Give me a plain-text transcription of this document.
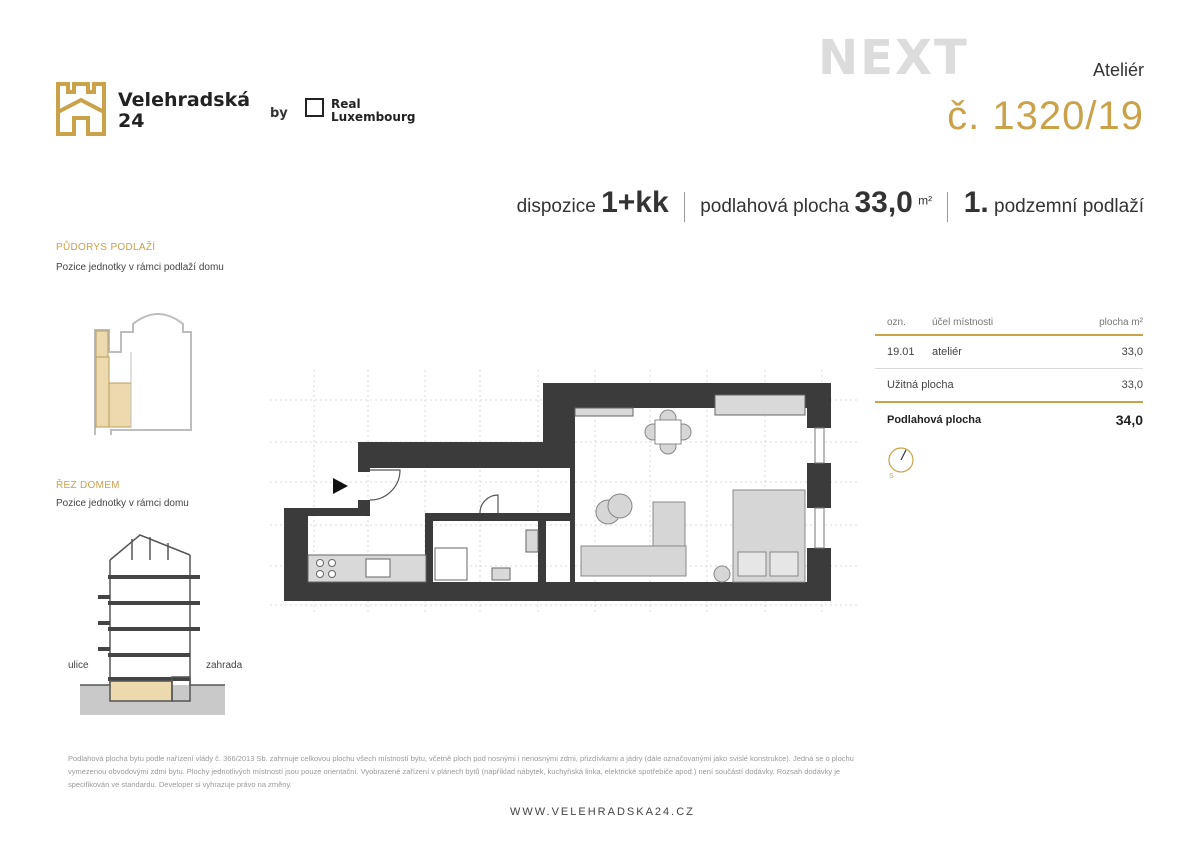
Velehradská
24	by
Real
Luxembourg
NEXT	Ateliér
č. 1320/19
dispozice 1+kk podlahová plocha 33,0 $^{m^2}$ 1. podzemní podlaží
PŮDORYS PODLAŽÍ
Pozice jednotky v rámci podlaží domu
ŘEZ DOMEM
Pozice jednotky v rámci domu
ulice	zahrada
ozn.	účel místnosti	plocha m²
19.01	ateliér	33,0
Užitná plocha	33,0
Podlahová plocha	34,0
S
Podlahová plocha bytu podle nařízení vlády č. 366/2013 Sb. zahrnuje celkovou plochu všech místností bytu, včetně ploch pod nosnými i nenosnými zdmi, přizdívkami a jádry (dále označovanými jako svislé konstrukce). Jedná se o plochu
vymezenou obvodovými zdmi bytu. Plochy jednotlivých místností jsou pouze orientační. Vyobrazené zařízení v plánech bytů (například nábytek, kuchyňská linka, elektrické spotřebiče apod.) není součástí dodávky. Rozsah dodávky je
specifikován ve standardu. Developer si vyhrazuje právo na změny.
WWW.VELEHRADSKA24.CZ
